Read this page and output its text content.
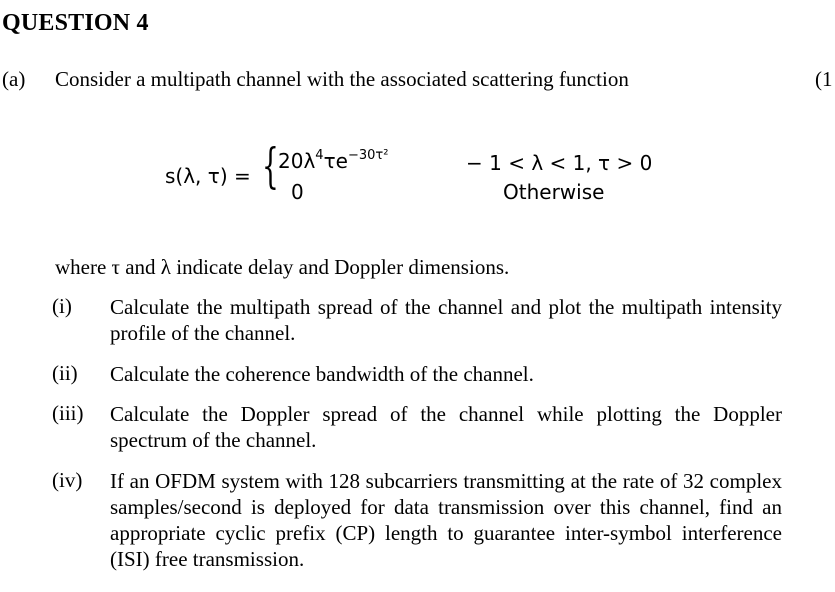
QUESTION 4
(a) Consider a multipath channel with the associated scattering function	(1
s(λ, τ) = { $20\lambda^4\tau e^{-30\tau^2}$
0
− 1 < λ < 1, τ > 0
Otherwise
where τ and λ indicate delay and Doppler dimensions.
(i) Calculate the multipath spread of the channel and plot the multipath intensity profile of the channel.
(ii) Calculate the coherence bandwidth of the channel.
(iii) Calculate the Doppler spread of the channel while plotting the Doppler spectrum of the channel.
(iv) If an OFDM system with 128 subcarriers transmitting at the rate of 32 complex samples/second is deployed for data transmission over this channel, find an appropriate cyclic prefix (CP) length to guarantee inter-symbol interference (ISI) free transmission.
